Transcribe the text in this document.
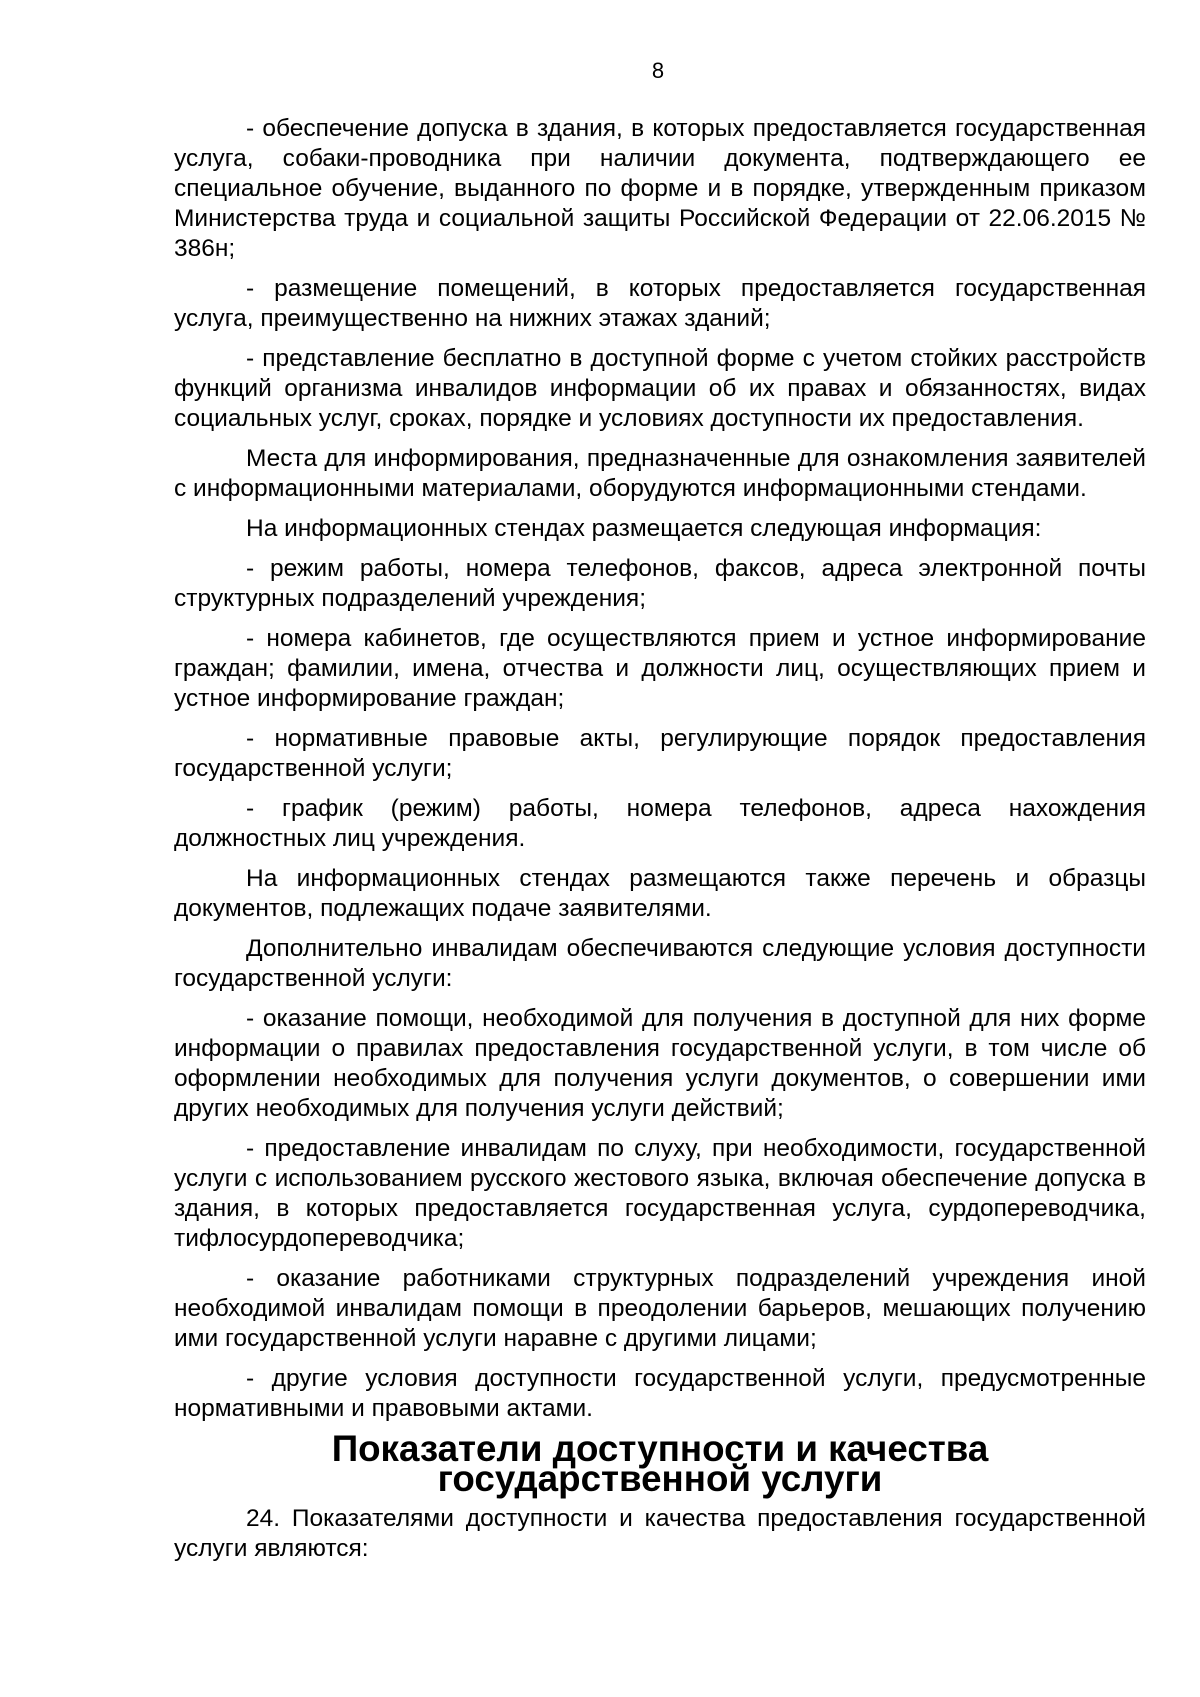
8

- обеспечение допуска в здания, в которых предоставляется государственная услуга, собаки-проводника при наличии документа, подтверждающего ее специальное обучение, выданного по форме и в порядке, утвержденным приказом Министерства труда и социальной защиты Российской Федерации от 22.06.2015 № 386н;

- размещение помещений, в которых предоставляется государственная услуга, преимущественно на нижних этажах зданий;

- представление бесплатно в доступной форме с учетом стойких расстройств функций организма инвалидов информации об их правах и обязанностях, видах социальных услуг, сроках, порядке и условиях доступности их предоставления.

Места для информирования, предназначенные для ознакомления заявителей с информационными материалами, оборудуются информационными стендами.

На информационных стендах размещается следующая информация:

- режим работы, номера телефонов, факсов, адреса электронной почты структурных подразделений учреждения;

- номера кабинетов, где осуществляются прием и устное информирование граждан; фамилии, имена, отчества и должности лиц, осуществляющих прием и устное информирование граждан;

- нормативные правовые акты, регулирующие порядок предоставления государственной услуги;

- график (режим) работы, номера телефонов, адреса нахождения должностных лиц учреждения.

На информационных стендах размещаются также перечень и образцы документов, подлежащих подаче заявителями.

Дополнительно инвалидам обеспечиваются следующие условия доступности государственной услуги:

- оказание помощи, необходимой для получения в доступной для них форме информации о правилах предоставления государственной услуги, в том числе об оформлении необходимых для получения услуги документов, о совершении ими других необходимых для получения услуги действий;

- предоставление инвалидам по слуху, при необходимости, государственной услуги с использованием русского жестового языка, включая обеспечение допуска в здания, в которых предоставляется государственная услуга, сурдопереводчика, тифлосурдопереводчика;

- оказание работниками структурных подразделений учреждения иной необходимой инвалидам помощи в преодолении барьеров, мешающих получению ими государственной услуги наравне с другими лицами;

- другие условия доступности государственной услуги, предусмотренные нормативными и правовыми актами.

Показатели доступности и качества государственной услуги

24. Показателями доступности и качества предоставления государственной услуги являются:
